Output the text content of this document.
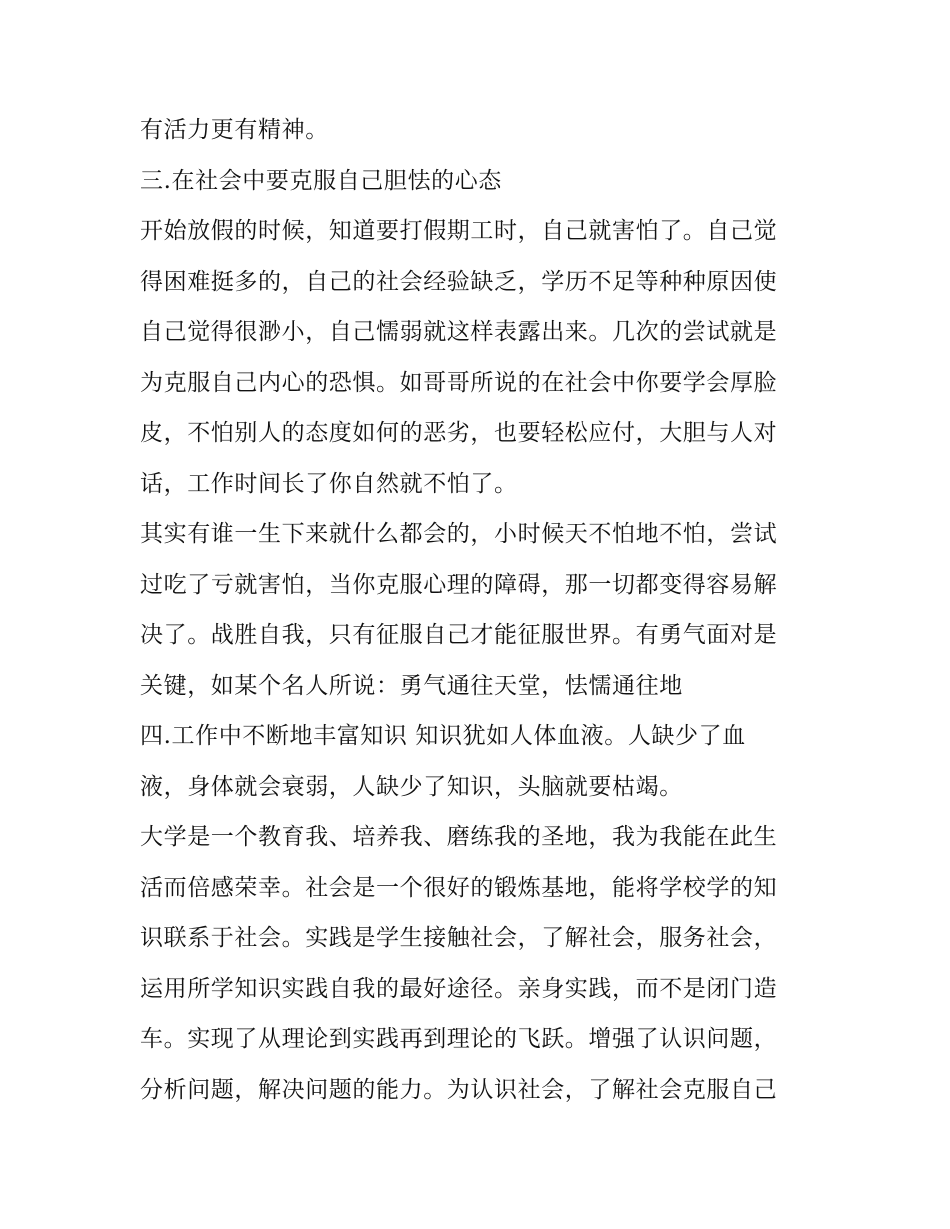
有活力更有精神。
三.在社会中要克服自己胆怯的心态
开始放假的时候，知道要打假期工时，自己就害怕了。自己觉
得困难挺多的，自己的社会经验缺乏，学历不足等种种原因使
自己觉得很渺小，自己懦弱就这样表露出来。几次的尝试就是
为克服自己内心的恐惧。如哥哥所说的在社会中你要学会厚脸
皮，不怕别人的态度如何的恶劣，也要轻松应付，大胆与人对
话，工作时间长了你自然就不怕了。
其实有谁一生下来就什么都会的，小时候天不怕地不怕，尝试
过吃了亏就害怕，当你克服心理的障碍，那一切都变得容易解
决了。战胜自我，只有征服自己才能征服世界。有勇气面对是
关键，如某个名人所说：勇气通往天堂，怯懦通往地
四.工作中不断地丰富知识 知识犹如人体血液。人缺少了血
液，身体就会衰弱，人缺少了知识，头脑就要枯竭。
大学是一个教育我、培养我、磨练我的圣地，我为我能在此生
活而倍感荣幸。社会是一个很好的锻炼基地，能将学校学的知
识联系于社会。实践是学生接触社会，了解社会，服务社会，
运用所学知识实践自我的最好途径。亲身实践，而不是闭门造
车。实现了从理论到实践再到理论的飞跃。增强了认识问题，
分析问题，解决问题的能力。为认识社会，了解社会克服自己
